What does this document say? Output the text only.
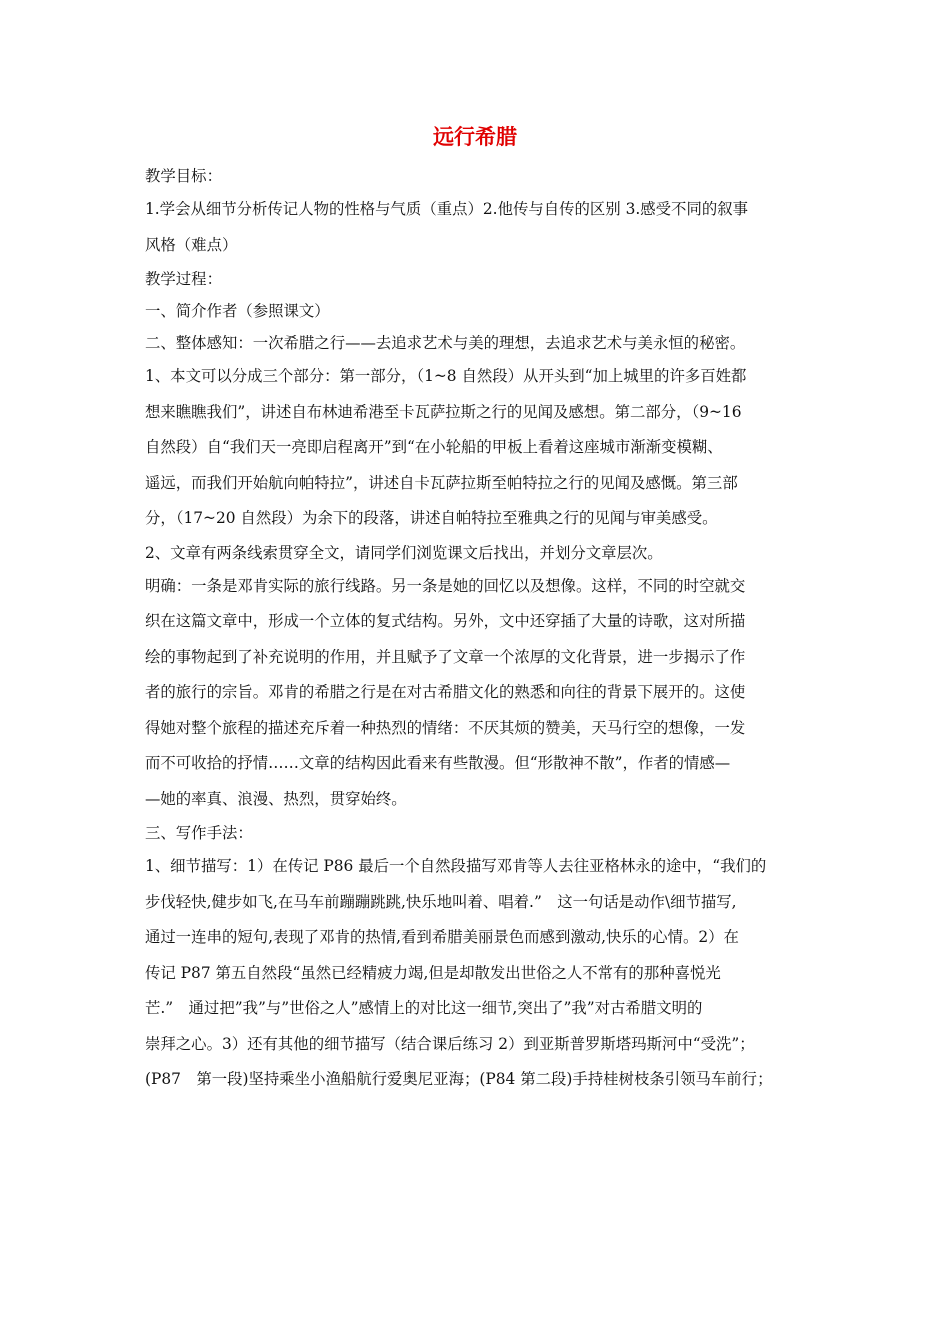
远行希腊
教学目标：
1.学会从细节分析传记人物的性格与气质（重点）2.他传与自传的区别 3.感受不同的叙事
风格（难点）
教学过程：
一、简介作者（参照课文）
二、整体感知：一次希腊之行——去追求艺术与美的理想，去追求艺术与美永恒的秘密。
1、本文可以分成三个部分：第一部分，（1~8 自然段）从开头到“加上城里的许多百姓都
想来瞧瞧我们”，讲述自布林迪希港至卡瓦萨拉斯之行的见闻及感想。第二部分，（9~16
自然段）自“我们天一亮即启程离开”到“在小轮船的甲板上看着这座城市渐渐变模糊、
遥远，而我们开始航向帕特拉”，讲述自卡瓦萨拉斯至帕特拉之行的见闻及感慨。第三部
分，（17~20 自然段）为余下的段落，讲述自帕特拉至雅典之行的见闻与审美感受。
2、文章有两条线索贯穿全文，请同学们浏览课文后找出，并划分文章层次。
明确：一条是邓肯实际的旅行线路。另一条是她的回忆以及想像。这样，不同的时空就交
织在这篇文章中，形成一个立体的复式结构。另外，文中还穿插了大量的诗歌，这对所描
绘的事物起到了补充说明的作用，并且赋予了文章一个浓厚的文化背景，进一步揭示了作
者的旅行的宗旨。邓肯的希腊之行是在对古希腊文化的熟悉和向往的背景下展开的。这使
得她对整个旅程的描述充斥着一种热烈的情绪：不厌其烦的赞美，天马行空的想像，一发
而不可收拾的抒情……文章的结构因此看来有些散漫。但“形散神不散”，作者的情感—
—她的率真、浪漫、热烈，贯穿始终。
三、写作手法：
1、细节描写：1）在传记 P86 最后一个自然段描写邓肯等人去往亚格林永的途中，“我们的
步伐轻快,健步如飞,在马车前蹦蹦跳跳,快乐地叫着、唱着.”　这一句话是动作\细节描写,
通过一连串的短句,表现了邓肯的热情,看到希腊美丽景色而感到激动,快乐的心情。2）在
传记 P87 第五自然段“虽然已经精疲力竭,但是却散发出世俗之人不常有的那种喜悦光
芒.”　通过把”我”与”世俗之人”感情上的对比这一细节,突出了”我”对古希腊文明的
崇拜之心。3）还有其他的细节描写（结合课后练习 2）到亚斯普罗斯塔玛斯河中“受洗”；
(P87　第一段)坚持乘坐小渔船航行爱奥尼亚海；(P84 第二段)手持桂树枝条引领马车前行；
